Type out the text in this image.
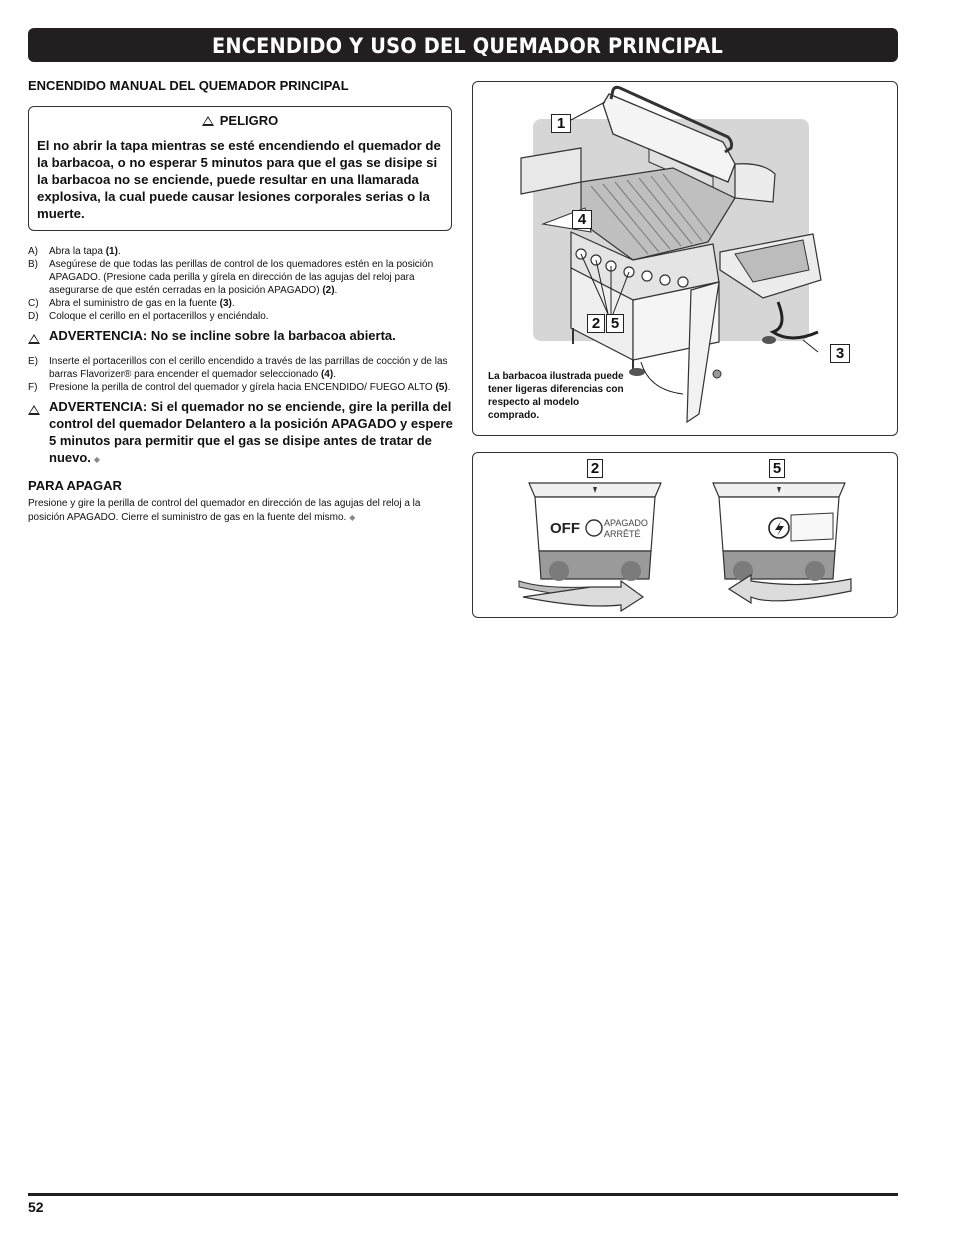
ENCENDIDO Y USO DEL QUEMADOR PRINCIPAL

ENCENDIDO MANUAL DEL QUEMADOR PRINCIPAL

PELIGRO

El no abrir la tapa mientras se esté encendiendo el quemador de la barbacoa, o no esperar 5 minutos para que el gas se disipe si la barbacoa no se enciende, puede resultar en una llamarada explosiva, la cual puede causar lesiones corporales serias o la muerte.

A)	Abra la tapa (1).
B)	Asegúrese de que todas las perillas de control de los quemadores estén en la posición APAGADO. (Presione cada perilla y gírela en dirección de las agujas del reloj para asegurarse de que estén cerradas en la posición APAGADO) (2).
C)	Abra el suministro de gas en la fuente (3).
D)	Coloque el cerillo en el portacerillos y enciéndalo.
ADVERTENCIA: No se incline sobre la barbacoa abierta.
E)	Inserte el portacerillos con el cerillo encendido a través de las parrillas de cocción y de las barras Flavorizer® para encender el quemador seleccionado (4).
F)	Presione la perilla de control del quemador y gírela hacia ENCENDIDO/ FUEGO ALTO (5).
ADVERTENCIA: Si el quemador no se enciende, gire la perilla del control del quemador Delantero a la posición APAGADO y espere 5 minutos para permitir que el gas se disipe antes de tratar de nuevo. ◆

PARA APAGAR

Presione y gire la perilla de control del quemador en dirección de las agujas del reloj a la posición APAGADO. Cierre el suministro de gas en la fuente del mismo. ◆

1
4
2 5
3
La barbacoa ilustrada puede tener ligeras diferencias con respecto al modelo comprado.
OFF	APAGADO
ARRÊTÉ
2	5
52
